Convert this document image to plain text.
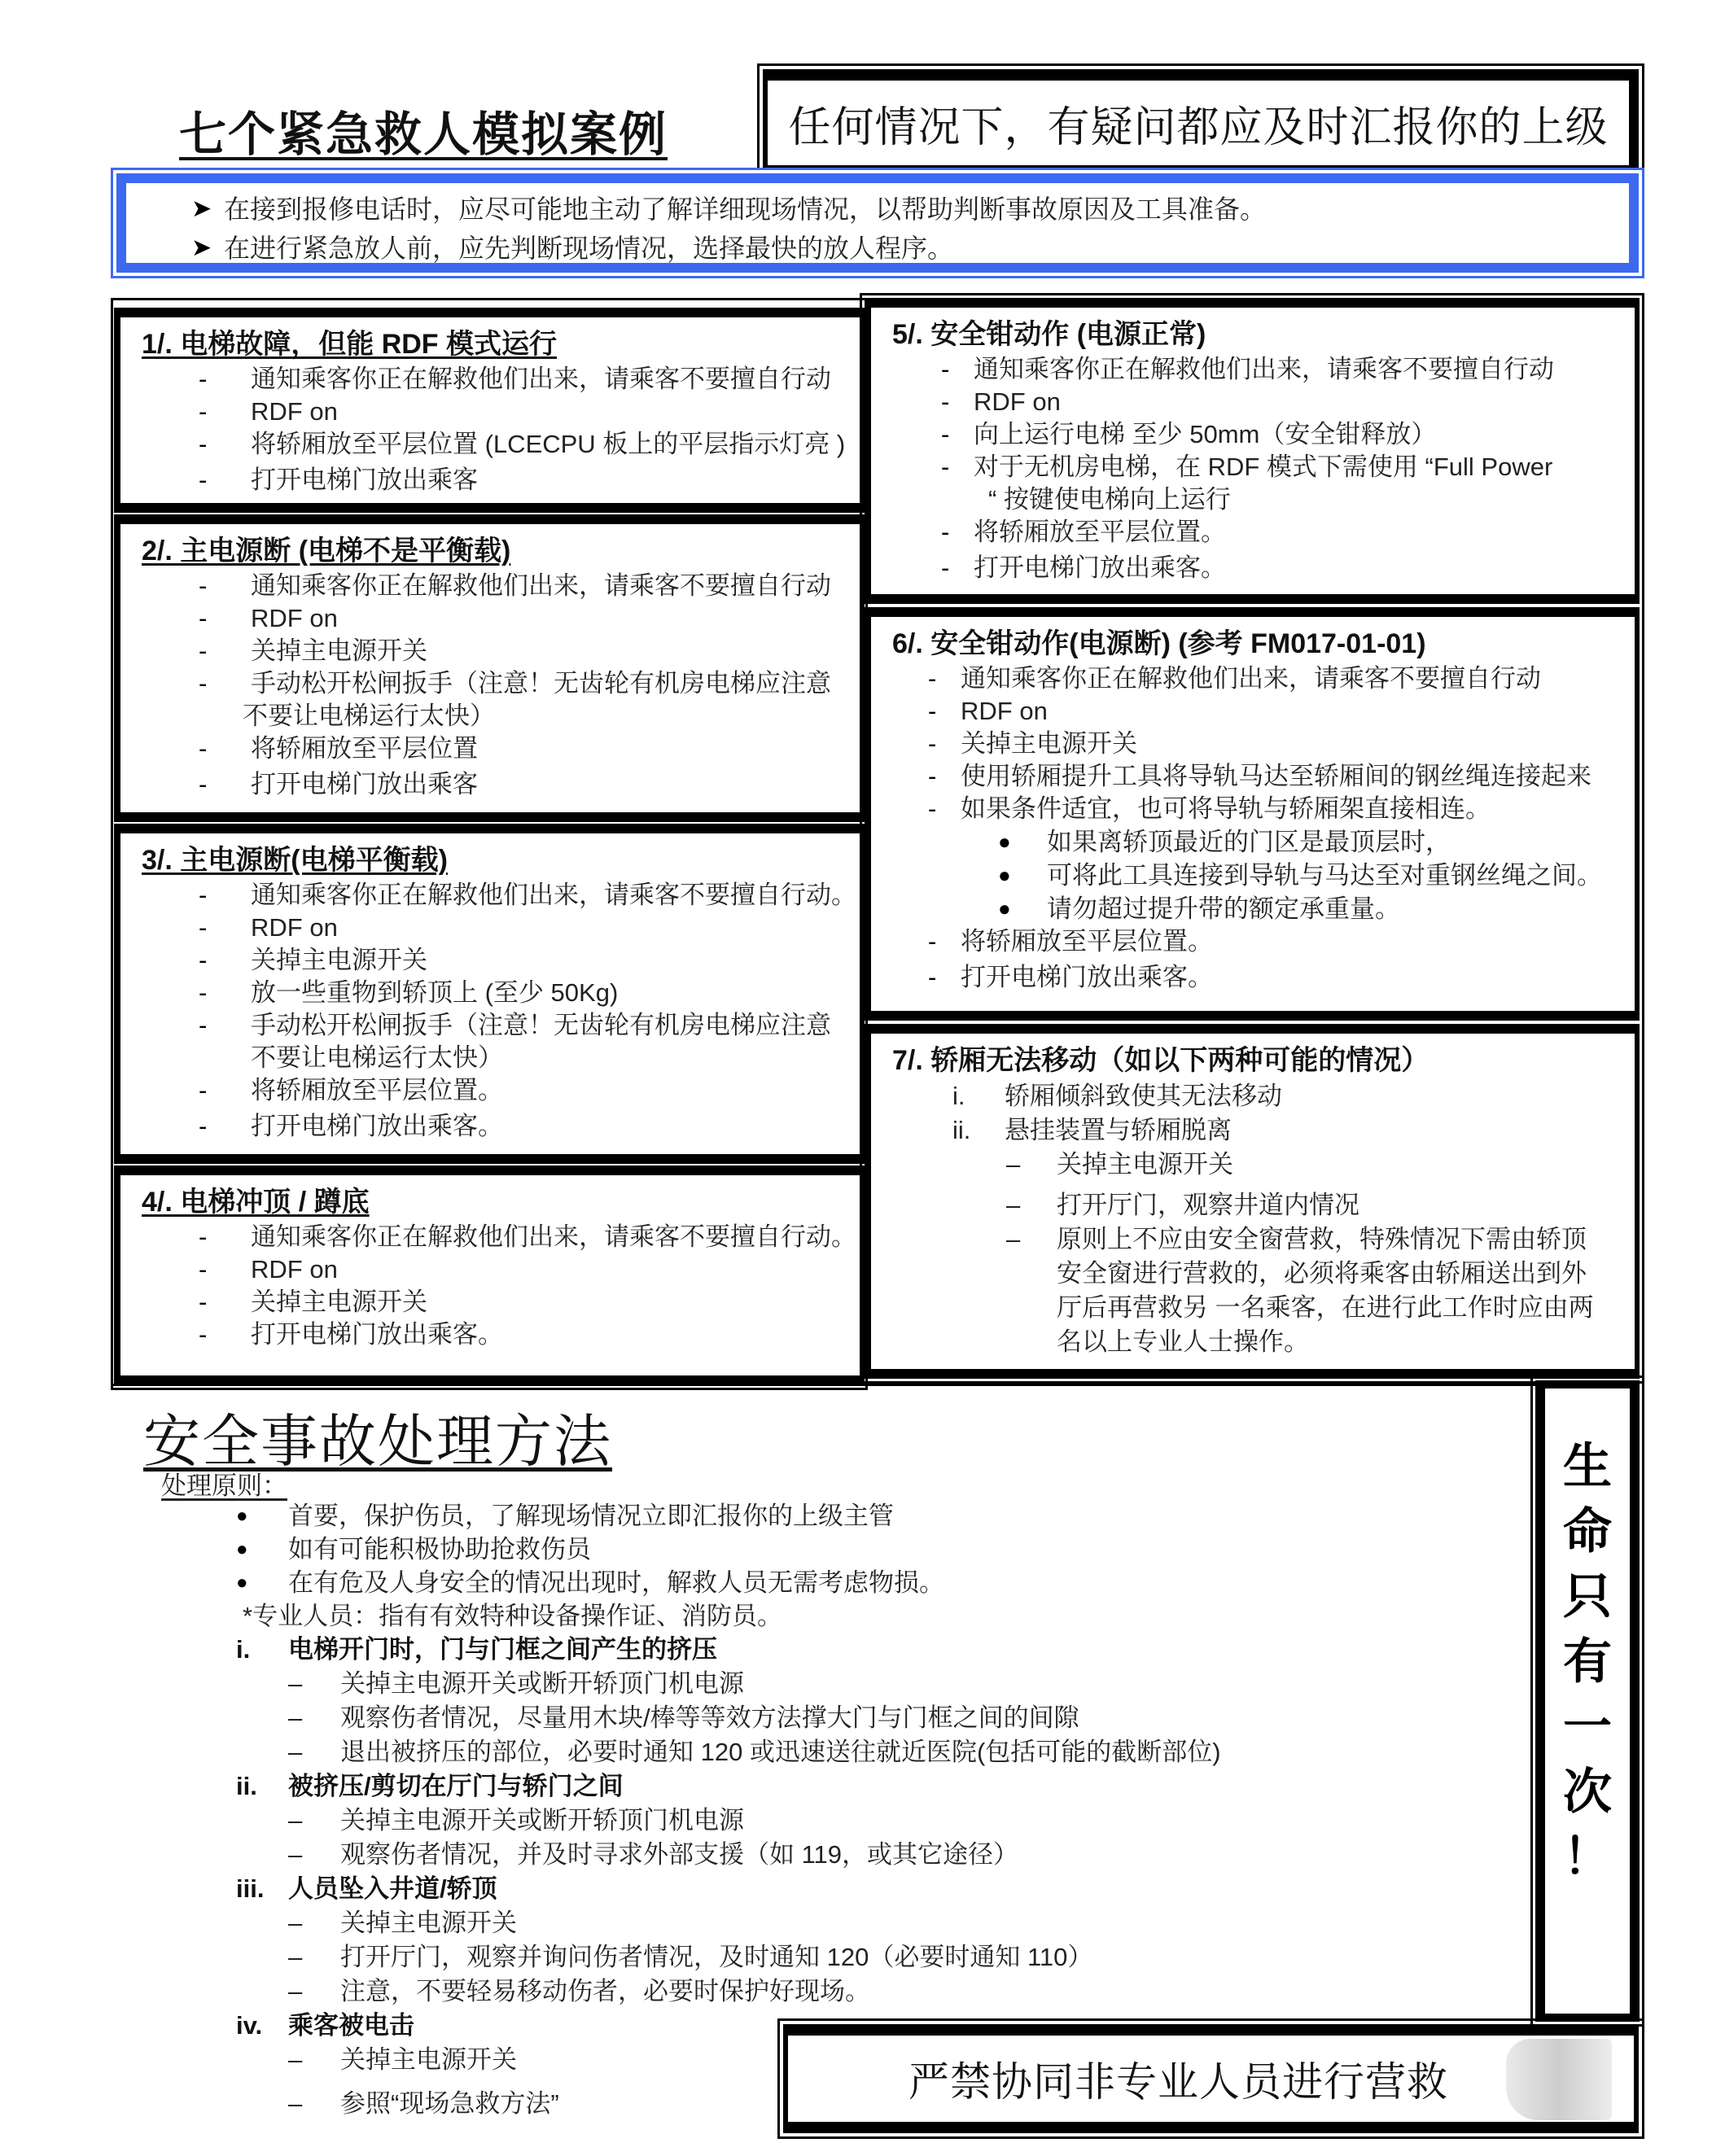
七个紧急救人模拟案例	任何情况下，有疑问都应及时汇报你的上级
➤ 在接到报修电话时，应尽可能地主动了解详细现场情况，以帮助判断事故原因及工具准备。
➤ 在进行紧急放人前，应先判断现场情况，选择最快的放人程序。
1/. 电梯故障，但能 RDF 模式运行
-	通知乘客你正在解救他们出来，请乘客不要擅自行动
-	RDF on
-	将轿厢放至平层位置 (LCECPU 板上的平层指示灯亮 )
-	打开电梯门放出乘客
2/. 主电源断 (电梯不是平衡载)
-	通知乘客你正在解救他们出来，请乘客不要擅自行动
-	RDF on
-	关掉主电源开关
-	手动松开松闸扳手（注意！无齿轮有机房电梯应注意
不要让电梯运行太快）
-	将轿厢放至平层位置
-	打开电梯门放出乘客
3/. 主电源断(电梯平衡载)
-	通知乘客你正在解救他们出来，请乘客不要擅自行动。
-	RDF on
-	关掉主电源开关
-	放一些重物到轿顶上 (至少 50Kg)
-	手动松开松闸扳手（注意！无齿轮有机房电梯应注意
不要让电梯运行太快）
-	将轿厢放至平层位置。
-	打开电梯门放出乘客。
4/. 电梯冲顶 / 蹲底
-	通知乘客你正在解救他们出来，请乘客不要擅自行动。
-	RDF on
-	关掉主电源开关
-	打开电梯门放出乘客。
5/. 安全钳动作 (电源正常)
- 通知乘客你正在解救他们出来，请乘客不要擅自行动
- RDF on
- 向上运行电梯 至少 50mm（安全钳释放）
- 对于无机房电梯，在 RDF 模式下需使用 “Full Power
“ 按键使电梯向上运行
- 将轿厢放至平层位置。
- 打开电梯门放出乘客。
6/. 安全钳动作(电源断) (参考 FM017-01-01)
- 通知乘客你正在解救他们出来，请乘客不要擅自行动
- RDF on
- 关掉主电源开关
- 使用轿厢提升工具将导轨马达至轿厢间的钢丝绳连接起来
- 如果条件适宜，也可将导轨与轿厢架直接相连。
●	如果离轿顶最近的门区是最顶层时，
●	可将此工具连接到导轨与马达至对重钢丝绳之间。
●	请勿超过提升带的额定承重量。
- 将轿厢放至平层位置。
- 打开电梯门放出乘客。
7/. 轿厢无法移动（如以下两种可能的情况）
i.	轿厢倾斜致使其无法移动
ii.	悬挂装置与轿厢脱离
–	关掉主电源开关
–	打开厅门，观察井道内情况
–	原则上不应由安全窗营救，特殊情况下需由轿顶安全窗进行营救的，必须将乘客由轿厢送出到外厅后再营救另 一名乘客，在进行此工作时应由两名以上专业人士操作。
安全事故处理方法
处理原则：
●	首要，保护伤员，了解现场情况立即汇报你的上级主管
●	如有可能积极协助抢救伤员
●	在有危及人身安全的情况出现时，解救人员无需考虑物损。
*专业人员：指有有效特种设备操作证、消防员。
i.	电梯开门时，门与门框之间产生的挤压
–	关掉主电源开关或断开轿顶门机电源
–	观察伤者情况，尽量用木块/棒等等效方法撑大门与门框之间的间隙
–	退出被挤压的部位，必要时通知 120 或迅速送往就近医院(包括可能的截断部位)
ii.	被挤压/剪切在厅门与轿门之间
–	关掉主电源开关或断开轿顶门机电源
–	观察伤者情况，并及时寻求外部支援（如 119，或其它途径）
iii. 人员坠入井道/轿顶
–	关掉主电源开关
–	打开厅门，观察并询问伤者情况，及时通知 120（必要时通知 110）
–	注意，不要轻易移动伤者，必要时保护好现场。
iv.	乘客被电击
–	关掉主电源开关
–	参照“现场急救方法”
生
命
只
有
一
次
！
严禁协同非专业人员进行营救
